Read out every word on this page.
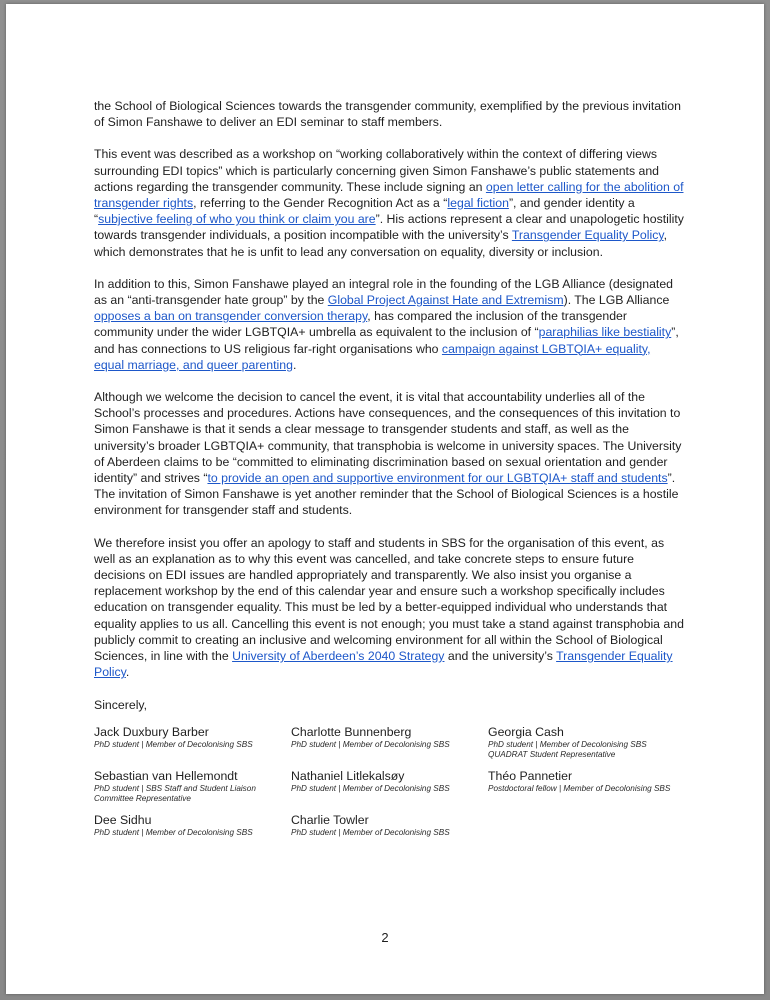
the School of Biological Sciences towards the transgender community, exemplified by the previous invitation of Simon Fanshawe to deliver an EDI seminar to staff members.

This event was described as a workshop on “working collaboratively within the context of differing views surrounding EDI topics” which is particularly concerning given Simon Fanshawe’s public statements and actions regarding the transgender community. These include signing an open letter calling for the abolition of transgender rights, referring to the Gender Recognition Act as a “legal fiction”, and gender identity a “subjective feeling of who you think or claim you are”. His actions represent a clear and unapologetic hostility towards transgender individuals, a position incompatible with the university’s Transgender Equality Policy, which demonstrates that he is unfit to lead any conversation on equality, diversity or inclusion.

In addition to this, Simon Fanshawe played an integral role in the founding of the LGB Alliance (designated as an “anti-transgender hate group” by the Global Project Against Hate and Extremism). The LGB Alliance opposes a ban on transgender conversion therapy, has compared the inclusion of the transgender community under the wider LGBTQIA+ umbrella as equivalent to the inclusion of “paraphilias like bestiality”, and has connections to US religious far-right organisations who campaign against LGBTQIA+ equality, equal marriage, and queer parenting.

Although we welcome the decision to cancel the event, it is vital that accountability underlies all of the School’s processes and procedures. Actions have consequences, and the consequences of this invitation to Simon Fanshawe is that it sends a clear message to transgender students and staff, as well as the university’s broader LGBTQIA+ community, that transphobia is welcome in university spaces. The University of Aberdeen claims to be “committed to eliminating discrimination based on sexual orientation and gender identity” and strives “to provide an open and supportive environment for our LGBTQIA+ staff and students”. The invitation of Simon Fanshawe is yet another reminder that the School of Biological Sciences is a hostile environment for transgender staff and students.

We therefore insist you offer an apology to staff and students in SBS for the organisation of this event, as well as an explanation as to why this event was cancelled, and take concrete steps to ensure future decisions on EDI issues are handled appropriately and transparently. We also insist you organise a replacement workshop by the end of this calendar year and ensure such a workshop specifically includes education on transgender equality. This must be led by a better-equipped individual who understands that equality applies to us all. Cancelling this event is not enough; you must take a stand against transphobia and publicly commit to creating an inclusive and welcoming environment for all within the School of Biological Sciences, in line with the University of Aberdeen’s 2040 Strategy and the university’s Transgender Equality Policy.

Sincerely,
Jack Duxbury Barber
PhD student | Member of Decolonising SBS
Charlotte Bunnenberg
PhD student | Member of Decolonising SBS
Georgia Cash
PhD student | Member of Decolonising SBS QUADRAT Student Representative
Sebastian van Hellemondt
PhD student | SBS Staff and Student Liaison Committee Representative
Nathaniel Litlekalsøy
PhD student | Member of Decolonising SBS
Théo Pannetier
Postdoctoral fellow | Member of Decolonising SBS
Dee Sidhu
PhD student | Member of Decolonising SBS
Charlie Towler
PhD student | Member of Decolonising SBS
2
